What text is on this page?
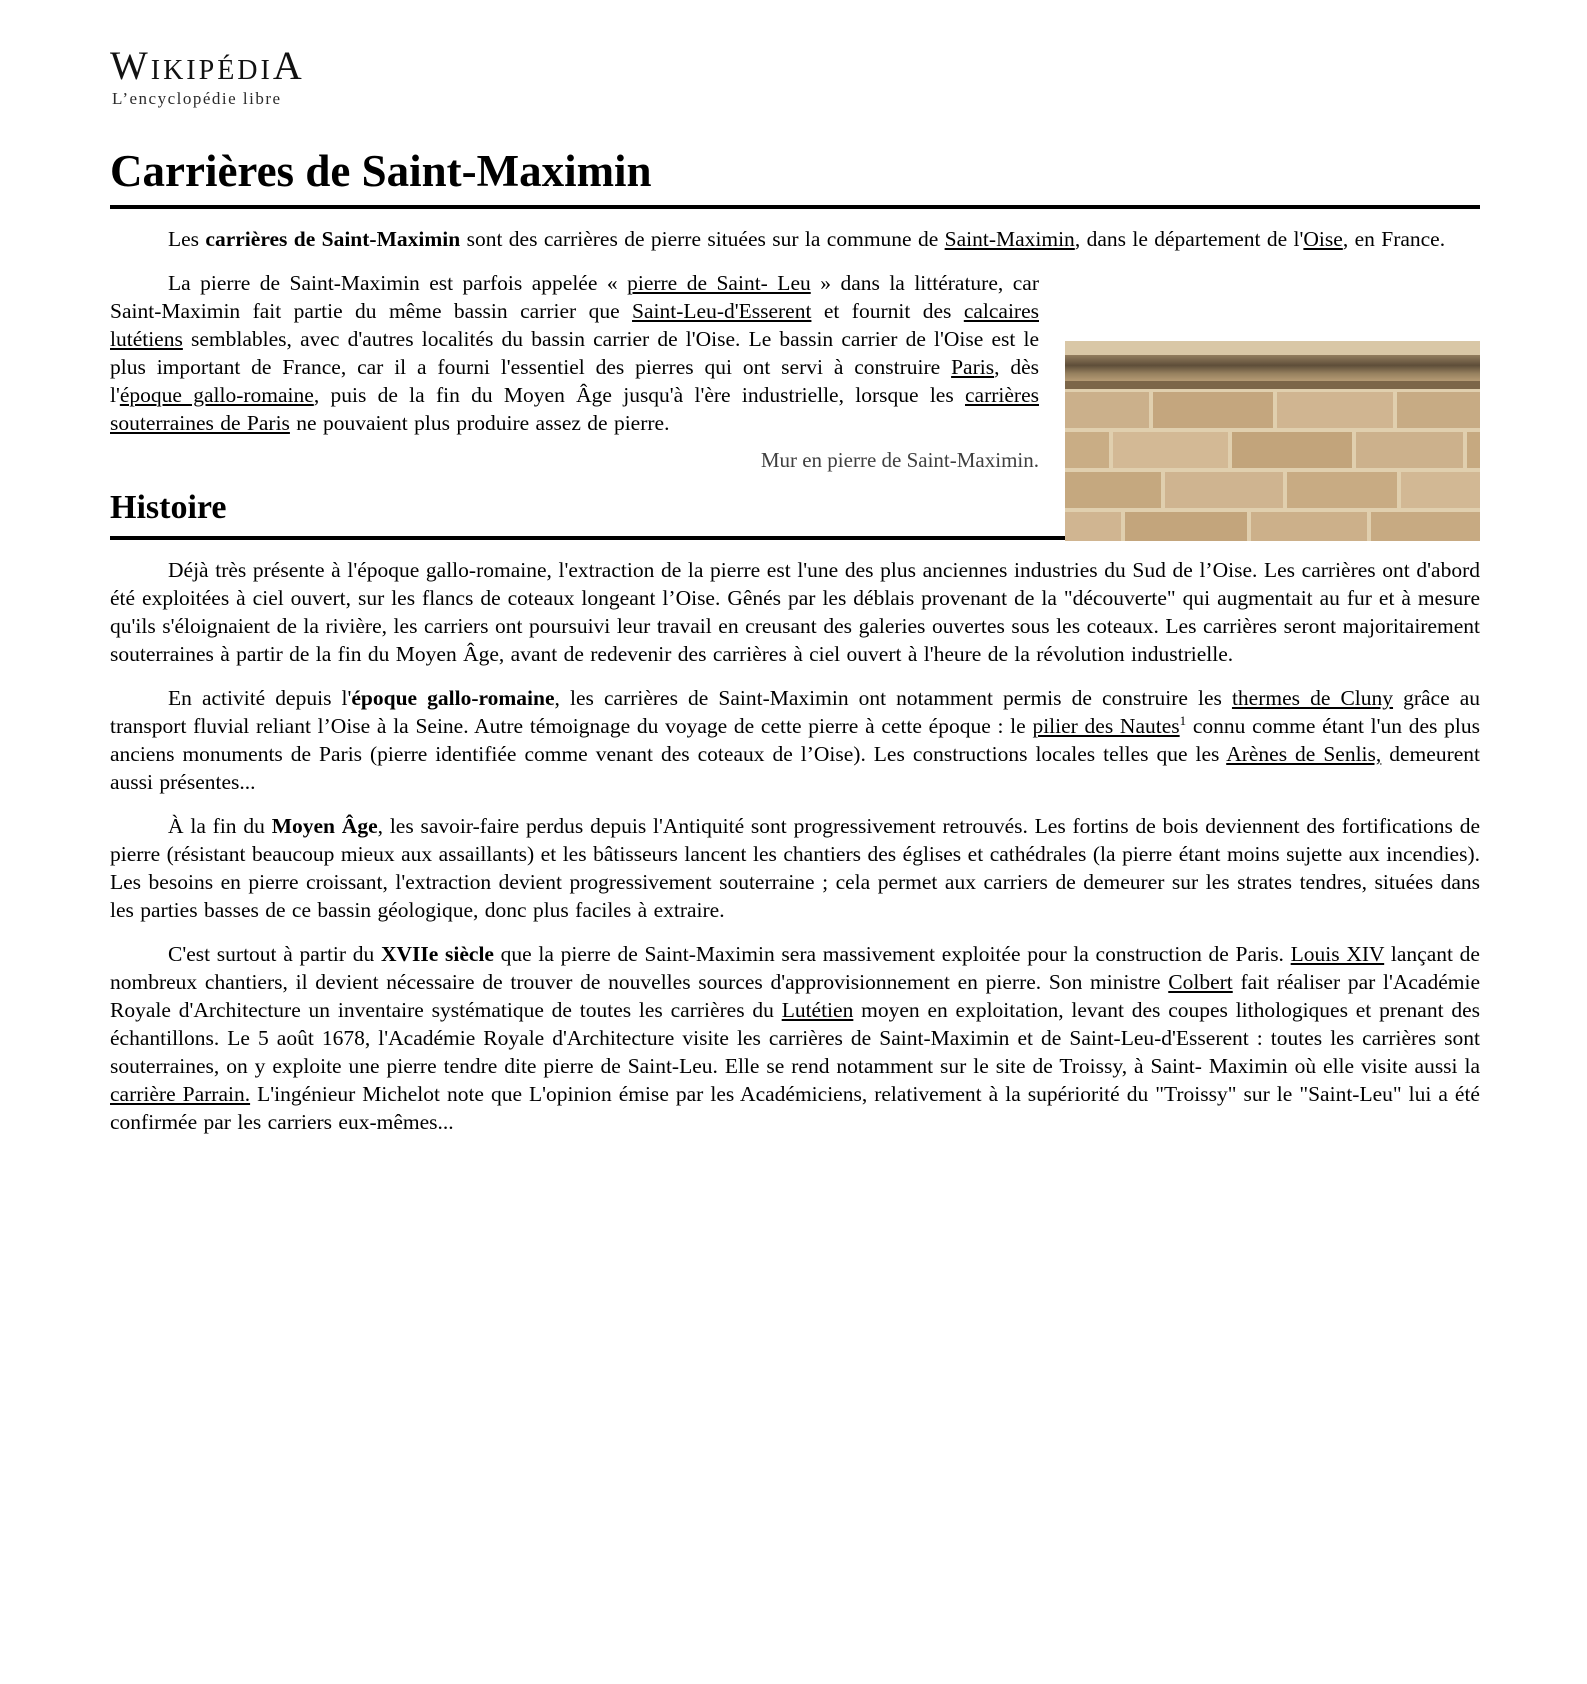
WikipédiA
L’encyclopédie libre
Carrières de Saint-Maximin

Les carrières de Saint-Maximin sont des carrières de pierre situées sur la commune de Saint-Maximin, dans le département de l'Oise, en France.

La pierre de Saint-Maximin est parfois appelée « pierre de Saint- Leu » dans la littérature, car Saint-Maximin fait partie du même bassin carrier que Saint-Leu-d'Esserent et fournit des calcaires lutétiens semblables, avec d'autres localités du bassin carrier de l'Oise. Le bassin carrier de l'Oise est le plus important de France, car il a fourni l'essentiel des pierres qui ont servi à construire Paris, dès l'époque gallo-romaine, puis de la fin du Moyen Âge jusqu'à l'ère industrielle, lorsque les carrières souterraines de Paris ne pouvaient plus produire assez de pierre.

Mur en pierre de Saint-Maximin.
Histoire

Déjà très présente à l'époque gallo-romaine, l'extraction de la pierre est l'une des plus anciennes industries du Sud de l’Oise. Les carrières ont d'abord été exploitées à ciel ouvert, sur les flancs de coteaux longeant l’Oise. Gênés par les déblais provenant de la "découverte" qui augmentait au fur et à mesure qu'ils s'éloignaient de la rivière, les carriers ont poursuivi leur travail en creusant des galeries ouvertes sous les coteaux. Les carrières seront majoritairement souterraines à partir de la fin du Moyen Âge, avant de redevenir des carrières à ciel ouvert à l'heure de la révolution industrielle.

En activité depuis l'époque gallo-romaine, les carrières de Saint-Maximin ont notamment permis de construire les thermes de Cluny grâce au transport fluvial reliant l’Oise à la Seine. Autre témoignage du voyage de cette pierre à cette époque : le pilier des Nautes$^1$ connu comme étant l'un des plus anciens monuments de Paris (pierre identifiée comme venant des coteaux de l’Oise). Les constructions locales telles que les Arènes de Senlis, demeurent aussi présentes...

À la fin du Moyen Âge, les savoir-faire perdus depuis l'Antiquité sont progressivement retrouvés. Les fortins de bois deviennent des fortifications de pierre (résistant beaucoup mieux aux assaillants) et les bâtisseurs lancent les chantiers des églises et cathédrales (la pierre étant moins sujette aux incendies). Les besoins en pierre croissant, l'extraction devient progressivement souterraine ; cela permet aux carriers de demeurer sur les strates tendres, situées dans les parties basses de ce bassin géologique, donc plus faciles à extraire.

C'est surtout à partir du XVIIe siècle que la pierre de Saint-Maximin sera massivement exploitée pour la construction de Paris. Louis XIV lançant de nombreux chantiers, il devient nécessaire de trouver de nouvelles sources d'approvisionnement en pierre. Son ministre Colbert fait réaliser par l'Académie Royale d'Architecture un inventaire systématique de toutes les carrières du Lutétien moyen en exploitation, levant des coupes lithologiques et prenant des échantillons. Le 5 août 1678, l'Académie Royale d'Architecture visite les carrières de Saint-Maximin et de Saint-Leu-d'Esserent : toutes les carrières sont souterraines, on y exploite une pierre tendre dite pierre de Saint-Leu. Elle se rend notamment sur le site de Troissy, à Saint- Maximin où elle visite aussi la carrière Parrain. L'ingénieur Michelot note que L'opinion émise par les Académiciens, relativement à la supériorité du "Troissy" sur le "Saint-Leu" lui a été confirmée par les carriers eux-mêmes...
